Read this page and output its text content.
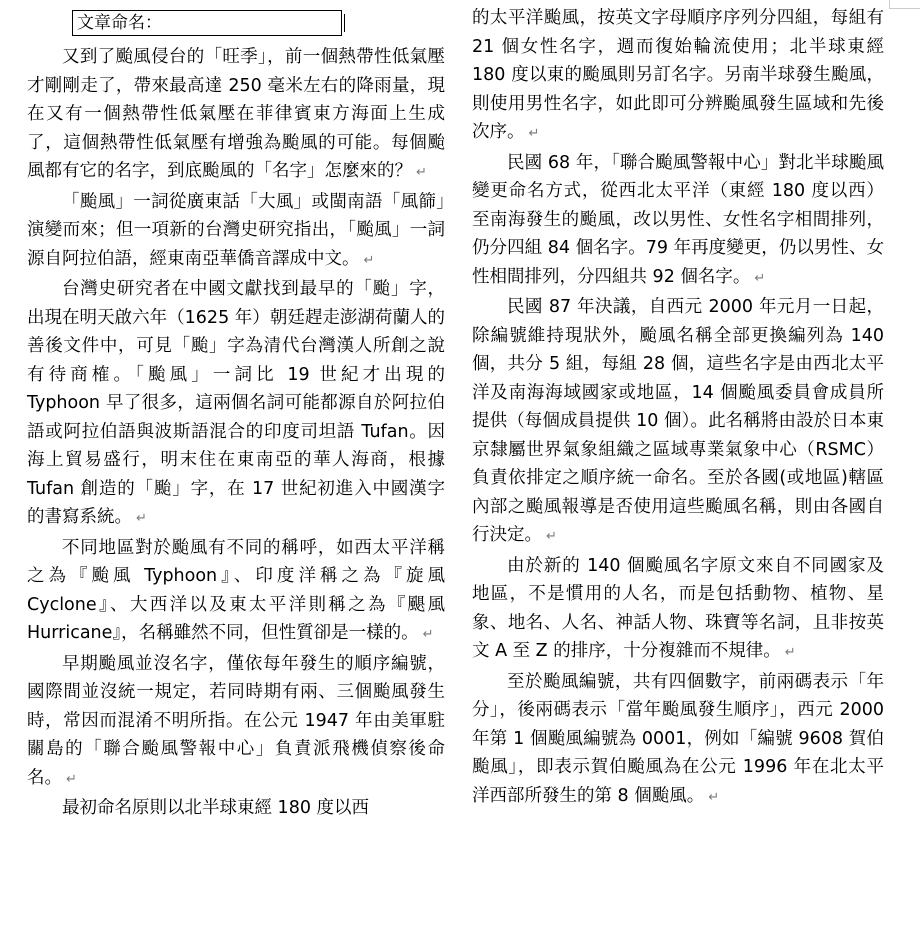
文章命名：

又到了颱風侵台的「旺季」，前一個熱帶性低氣壓才剛剛走了，帶來最高達 250 毫米左右的降雨量，現在又有一個熱帶性低氣壓在菲律賓東方海面上生成了，這個熱帶性低氣壓有增強為颱風的可能。每個颱風都有它的名字，到底颱風的「名字」怎麼來的？ ↵

「颱風」一詞從廣東話「大風」或閩南語「風篩」演變而來；但一項新的台灣史研究指出，「颱風」一詞源自阿拉伯語，經東南亞華僑音譯成中文。 ↵

台灣史研究者在中國文獻找到最早的「颱」字，出現在明天啟六年（1625 年）朝廷趕走澎湖荷蘭人的善後文件中，可見「颱」字為清代台灣漢人所創之說有待商榷。「颱風」一詞比 19 世紀才出現的 Typhoon 早了很多，這兩個名詞可能都源自於阿拉伯語或阿拉伯語與波斯語混合的印度司坦語 Tufan。因海上貿易盛行，明末住在東南亞的華人海商，根據 Tufan 創造的「颱」字，在 17 世紀初進入中國漢字的書寫系統。 ↵

不同地區對於颱風有不同的稱呼，如西太平洋稱之為『颱風 Typhoon』、印度洋稱之為『旋風 Cyclone』、大西洋以及東太平洋則稱之為『颶風 Hurricane』，名稱雖然不同，但性質卻是一樣的。 ↵

早期颱風並沒名字，僅依每年發生的順序編號，國際間並沒統一規定，若同時期有兩、三個颱風發生時，常因而混淆不明所指。在公元 1947 年由美軍駐關島的「聯合颱風警報中心」負責派飛機偵察後命名。 ↵

最初命名原則以北半球東經 180 度以西

的太平洋颱風，按英文字母順序序列分四組，每組有 21 個女性名字，週而復始輪流使用；北半球東經 180 度以東的颱風則另訂名字。另南半球發生颱風，則使用男性名字，如此即可分辨颱風發生區域和先後次序。 ↵

民國 68 年，「聯合颱風警報中心」對北半球颱風變更命名方式，從西北太平洋（東經 180 度以西）至南海發生的颱風，改以男性、女性名字相間排列，仍分四組 84 個名字。79 年再度變更，仍以男性、女性相間排列，分四組共 92 個名字。 ↵

民國 87 年決議，自西元 2000 年元月一日起，除編號維持現狀外，颱風名稱全部更換編列為 140 個，共分 5 組，每組 28 個，這些名字是由西北太平洋及南海海域國家或地區，14 個颱風委員會成員所提供（每個成員提供 10 個）。此名稱將由設於日本東京隸屬世界氣象組織之區域專業氣象中心（RSMC）負責依排定之順序統一命名。至於各國(或地區)轄區內部之颱風報導是否使用這些颱風名稱，則由各國自行決定。 ↵

由於新的 140 個颱風名字原文來自不同國家及地區，不是慣用的人名，而是包括動物、植物、星象、地名、人名、神話人物、珠寶等名詞，且非按英文 A 至 Z 的排序，十分複雜而不規律。 ↵

至於颱風編號，共有四個數字，前兩碼表示「年分」，後兩碼表示「當年颱風發生順序」，西元 2000 年第 1 個颱風編號為 0001，例如「編號 9608 賀伯颱風」，即表示賀伯颱風為在公元 1996 年在北太平洋西部所發生的第 8 個颱風。 ↵
